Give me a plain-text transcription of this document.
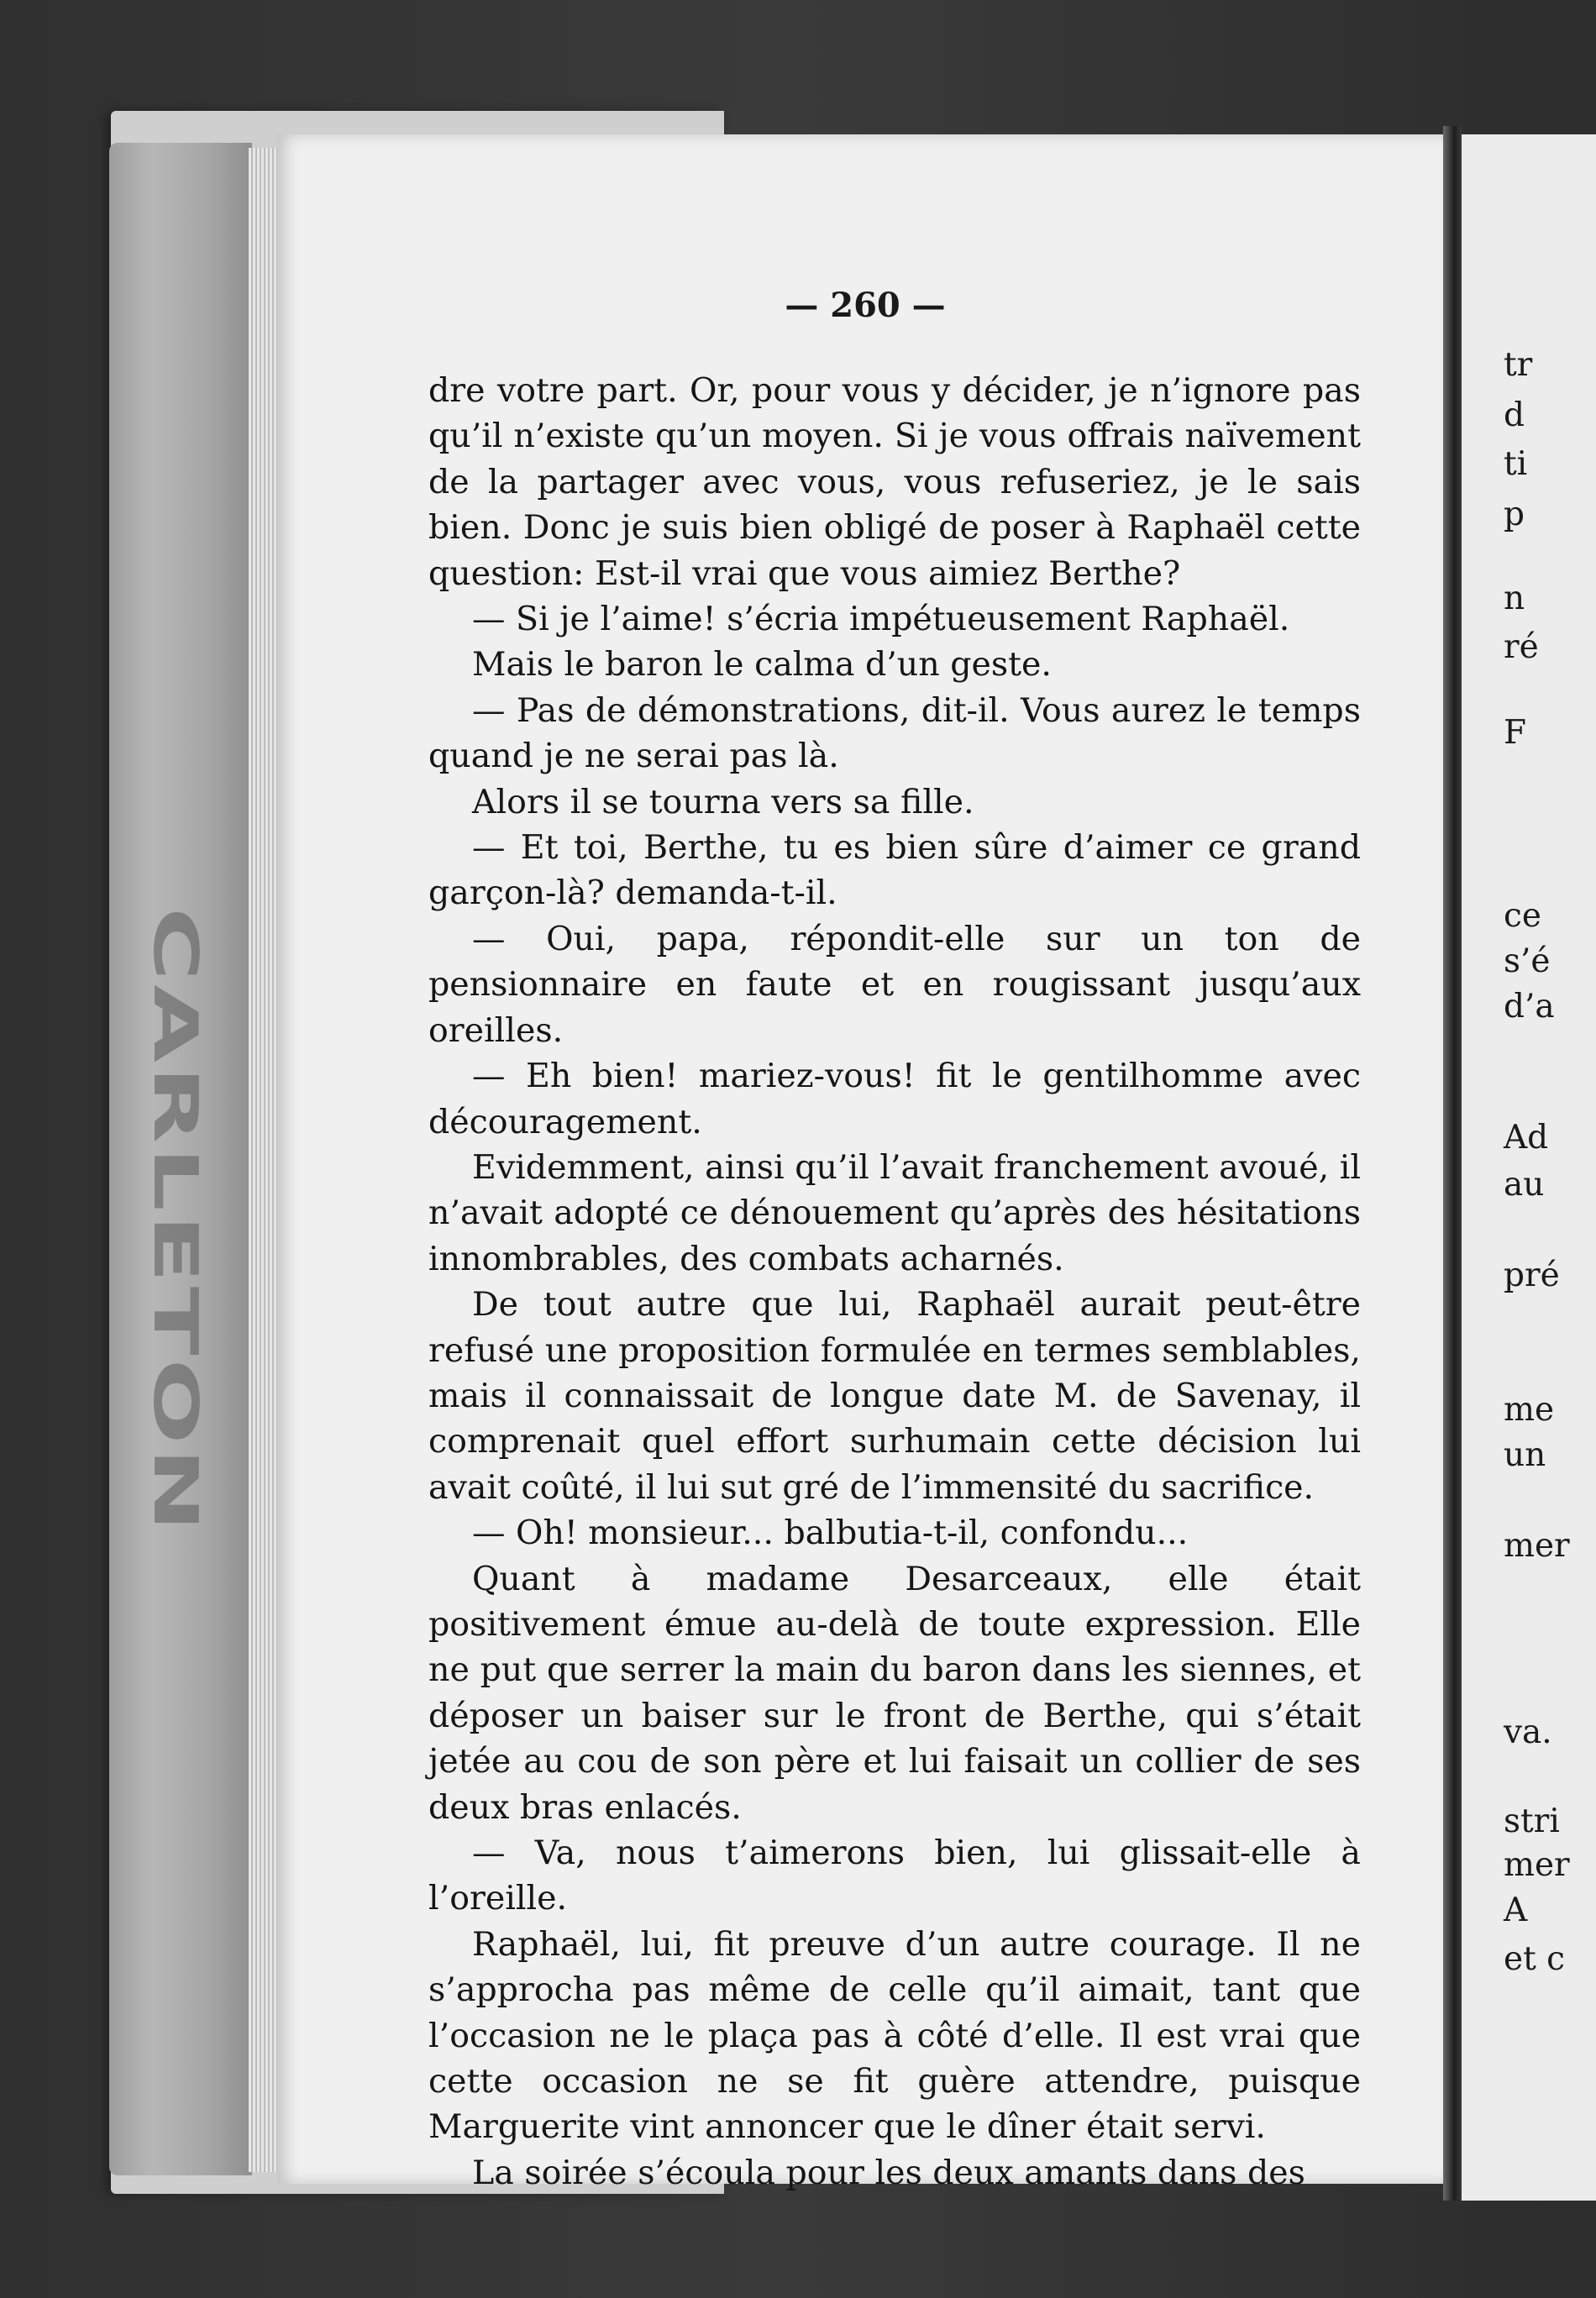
CARLETON
— 260 —

dre votre part. Or, pour vous y décider, je n’ignore pas qu’il n’existe qu’un moyen. Si je vous offrais naïvement de la partager avec vous, vous refuseriez, je le sais bien. Donc je suis bien obligé de poser à Raphaël cette question: Est-il vrai que vous aimiez Berthe?

— Si je l’aime! s’écria impétueusement Raphaël.

Mais le baron le calma d’un geste.

— Pas de démonstrations, dit-il. Vous aurez le temps quand je ne serai pas là.

Alors il se tourna vers sa fille.

— Et toi, Berthe, tu es bien sûre d’aimer ce grand garçon-là? demanda-t-il.

— Oui, papa, répondit-elle sur un ton de pensionnaire en faute et en rougissant jusqu’aux oreilles.

— Eh bien! mariez-vous! fit le gentilhomme avec découragement.

Evidemment, ainsi qu’il l’avait franchement avoué, il n’avait adopté ce dénouement qu’après des hésitations innombrables, des combats acharnés.

De tout autre que lui, Raphaël aurait peut-être refusé une proposition formulée en termes semblables, mais il connaissait de longue date M. de Savenay, il comprenait quel effort surhumain cette décision lui avait coûté, il lui sut gré de l’immensité du sacrifice.

— Oh! monsieur... balbutia-t-il, confondu...

Quant à madame Desarceaux, elle était positivement émue au-delà de toute expression. Elle ne put que serrer la main du baron dans les siennes, et déposer un baiser sur le front de Berthe, qui s’était jetée au cou de son père et lui faisait un collier de ses deux bras enlacés.

— Va, nous t’aimerons bien, lui glissait-elle à l’oreille.

Raphaël, lui, fit preuve d’un autre courage. Il ne s’approcha pas même de celle qu’il aimait, tant que l’occasion ne le plaça pas à côté d’elle. Il est vrai que cette occasion ne se fit guère attendre, puisque Marguerite vint annoncer que le dîner était servi.

La soirée s’écoula pour les deux amants dans des

tr
d
ti
p
n
ré
F
ce
s’é
d’a
Ad
au
pré
me
un
mer
va.
stri
mer
A
et c
